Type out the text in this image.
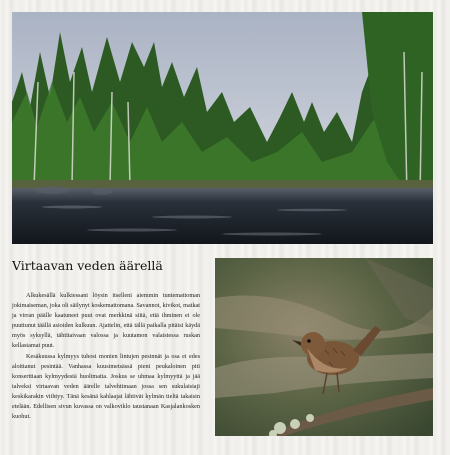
Virtaavan veden äärellä

Alkukesällä kulkiessani löysin itselleni aiemmin tuntemattoman jokimaiseman, joka oli säilynyt koskemattomana. Savannot, kivikot, matkat ja virran päälle kaatuneet puut ovat merkkinä siitä, että ihminen ei ole puuttunut täällä asioiden kulkuun. Ajattelin, että tällä paikalla pitäisi käydä myös syksyllä, tähtitaivaan valossa ja kuutamon valaistessa ruskan kellastamat puut.

Kesäkuussa kylmyys tuhosi monien lintujen pesinnät ja osa ei edes aloittanut pesintää. Vanhassa kuusimetsässä pieni peukaloinen piti konserttiaan kylmyydestä huolimatta. Joskus se uhmaa kylmyyttä ja jää talveksi virtaavan veden äärelle talvehtimaan jossa sen sukulaisiaji keskikarakin viihtyy. Tänä kesänä kahlaajat lähtivät kylmän tieltä takaisin etelään. Edellisen sivun kuvassa on valkoviklo taustanaan Kasjalankosken kuohut.
